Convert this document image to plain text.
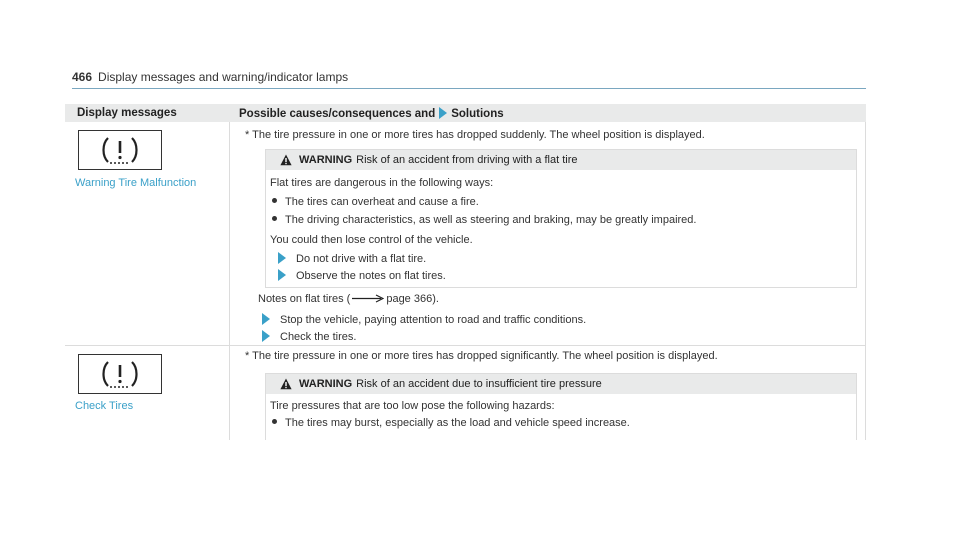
466 Display messages and warning/indicator lamps
Display messages	Possible causes/consequences and Solutions
Warning Tire Malfunction
* The tire pressure in one or more tires has dropped suddenly. The wheel position is displayed.
WARNING Risk of an accident from driving with a flat tire
Flat tires are dangerous in the following ways:
The tires can overheat and cause a fire.
The driving characteristics, as well as steering and braking, may be greatly impaired.
You could then lose control of the vehicle.
Do not drive with a flat tire.
Observe the notes on flat tires.
Notes on flat tires (	page 366).
Stop the vehicle, paying attention to road and traffic conditions.
Check the tires.
Check Tires
* The tire pressure in one or more tires has dropped significantly. The wheel position is displayed.
WARNING Risk of an accident due to insufficient tire pressure
Tire pressures that are too low pose the following hazards:
The tires may burst, especially as the load and vehicle speed increase.
